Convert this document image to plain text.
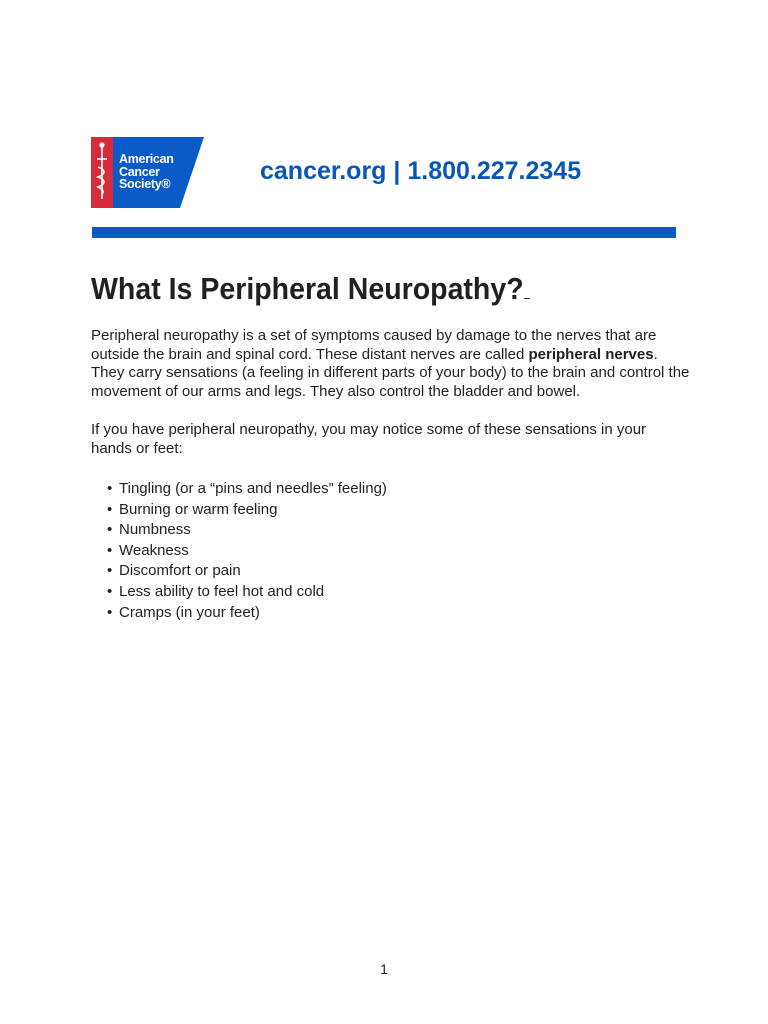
American
Cancer
Society®	cancer.org | 1.800.227.2345
What Is Peripheral Neuropathy?

Peripheral neuropathy is a set of symptoms caused by damage to the nerves that are outside the brain and spinal cord. These distant nerves are called peripheral nerves. They carry sensations (a feeling in different parts of your body) to the brain and control the movement of our arms and legs. They also control the bladder and bowel.

If you have peripheral neuropathy, you may notice some of these sensations in your hands or feet:

• Tingling (or a “pins and needles” feeling)
• Burning or warm feeling
• Numbness
• Weakness
• Discomfort or pain
• Less ability to feel hot and cold
• Cramps (in your feet)
1
